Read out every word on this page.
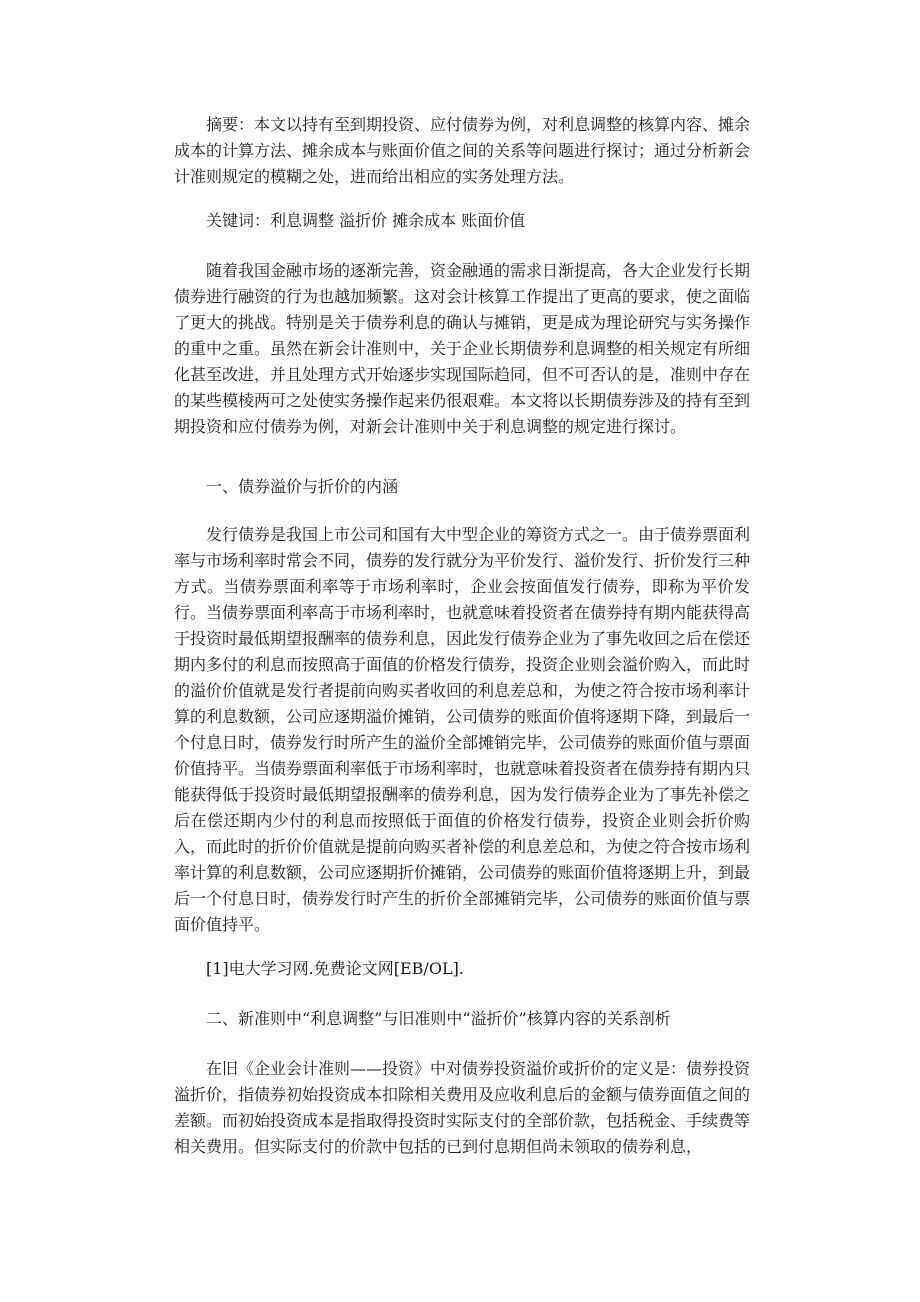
摘要：本文以持有至到期投资、应付债券为例，对利息调整的核算内容、摊余成本的计算方法、摊余成本与账面价值之间的关系等问题进行探讨；通过分析新会计准则规定的模糊之处，进而给出相应的实务处理方法。

关键词：利息调整 溢折价 摊余成本 账面价值

随着我国金融市场的逐渐完善，资金融通的需求日渐提高，各大企业发行长期债券进行融资的行为也越加频繁。这对会计核算工作提出了更高的要求，使之面临了更大的挑战。特别是关于债券利息的确认与摊销，更是成为理论研究与实务操作的重中之重。虽然在新会计准则中，关于企业长期债券利息调整的相关规定有所细化甚至改进，并且处理方式开始逐步实现国际趋同，但不可否认的是，准则中存在的某些模棱两可之处使实务操作起来仍很艰难。本文将以长期债券涉及的持有至到期投资和应付债券为例，对新会计准则中关于利息调整的规定进行探讨。

一、债券溢价与折价的内涵

发行债券是我国上市公司和国有大中型企业的筹资方式之一。由于债券票面利率与市场利率时常会不同，债券的发行就分为平价发行、溢价发行、折价发行三种方式。当债券票面利率等于市场利率时，企业会按面值发行债券，即称为平价发行。当债券票面利率高于市场利率时，也就意味着投资者在债券持有期内能获得高于投资时最低期望报酬率的债券利息，因此发行债券企业为了事先收回之后在偿还期内多付的利息而按照高于面值的价格发行债券，投资企业则会溢价购入，而此时的溢价价值就是发行者提前向购买者收回的利息差总和，为使之符合按市场利率计算的利息数额，公司应逐期溢价摊销，公司债券的账面价值将逐期下降，到最后一个付息日时，债券发行时所产生的溢价全部摊销完毕，公司债券的账面价值与票面价值持平。当债券票面利率低于市场利率时，也就意味着投资者在债券持有期内只能获得低于投资时最低期望报酬率的债券利息，因为发行债券企业为了事先补偿之后在偿还期内少付的利息而按照低于面值的价格发行债券，投资企业则会折价购入，而此时的折价价值就是提前向购买者补偿的利息差总和，为使之符合按市场利率计算的利息数额，公司应逐期折价摊销，公司债券的账面价值将逐期上升，到最后一个付息日时，债券发行时产生的折价全部摊销完毕，公司债券的账面价值与票面价值持平。

[1]电大学习网.免费论文网[EB/OL].

二、新准则中“利息调整”与旧准则中“溢折价”核算内容的关系剖析

在旧《企业会计准则——投资》中对债券投资溢价或折价的定义是：债券投资溢折价，指债券初始投资成本扣除相关费用及应收利息后的金额与债券面值之间的差额。而初始投资成本是指取得投资时实际支付的全部价款，包括税金、手续费等相关费用。但实际支付的价款中包括的已到付息期但尚未领取的债券利息，
